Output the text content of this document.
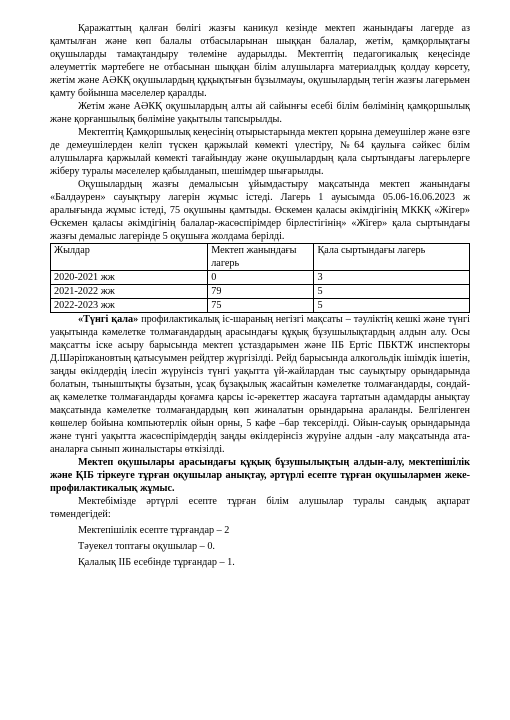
Қаражаттың қалған бөлігі жазғы каникул кезінде мектеп жанындағы лагерде аз қамтылған және көп балалы отбасыларынан шыққан балалар, жетім, қамқорлықтағы оқушыларды тамақтандыру төлеміне аударылды. Мектептің педагогикалық кеңесінде әлеуметтік мәртебеге не отбасынан шыққан білім алушыларға материалдық қолдау көрсету, жетім және АӘКҚ оқушылардың құқықтығын бұзылмауы, оқушылардың тегін жазғы лагерьмен қамту бойынша мәселелер қаралды.

Жетім және АӘКҚ оқушылардың алты ай сайынғы есебі білім бөлімінің қамқоршылық және қорғаншылық бөліміне уақытылы тапсырылды.

Мектептің Қамқоршылық кеңесінің отырыстарында мектеп қорына демеушілер және өзге де демеушілерден келіп түскен қаржылай көмекті үлестіру, №64 қаулыға сәйкес білім алушыларға қаржылай көмекті тағайындау және оқушылардың қала сыртындағы лагерьлерге жіберу туралы мәселелер қабылданып, шешімдер шығарылды.

Оқушылардың жазғы демалысын ұйымдастыру мақсатында мектеп жанындағы «Балдәурен» сауықтыру лагерін жұмыс істеді. Лагерь 1 ауысымда 05.06-16.06.2023 ж аралығында жұмыс істеді, 75 оқушыны қамтыды. Өскемен қаласы әкімдігінің МККҚ «Жігер» Өскемен қаласы әкімдігінің балалар-жасөспірімдер бірлестігінің» «Жігер» қала сыртындағы жазғы демалыс лагеріндe 5 оқушыға жолдама берілді.

Жылдар	Мектеп жанындағы лагерь	Қала сыртындағы лагерь
2020-2021 жж	0	3
2021-2022 жж	79	5
2022-2023 жж	75	5

«Түнгі қала» профилактикалық іс-шараның негізгі мақсаты – тәуліктің кешкі және түнгі уақытында кәмелетке толмағандардың арасындағы құқық бұзушылықтардың алдын алу. Осы мақсатты іске асыру барысында мектеп ұстаздарымен және ІІБ Ертіс ПБКТЖ инспекторы Д.Шәріпжановтың қатысуымен рейдтер жүргізілді. Рейд барысында алкогольдік ішімдік ішетін, заңды өкілдердің ілесіп жүруінсіз түнгі уақытта үй-жайлардан тыс сауықтыру орындарында болатын, тыныштықты бұзатын, ұсақ бұзақылық жасайтын кәмелетке толмағандарды, сондай-ақ кәмелетке толмағандарды қоғамға қарсы іс-әрекеттер жасауға тартатын адамдарды анықтау мақсатында кәмелетке толмағандардың көп жиналатын орындарына араланды. Белгіленген көшелер бойына компьютерлік ойын орны, 5 кафе –бар тексерілді. Ойын-сауық орындарында және түнгі уақытта жасөспірімдердің заңды өкілдерінсіз жүруіне алдын -алу мақсатында ата-аналарға сынып жиналыстары өткізілді.

Мектеп оқушылары арасындағы құқық бұзушылықтың алдын-алу, мектепішілік және ҚІБ тіркеуге тұрған оқушылар анықтау, әртүрлі есепте тұрған оқушылармен жеке-профилактикалық жұмыс.

Мектебімізде әртүрлі есепте тұрған білім алушылар туралы сандық ақпарат төмендегідей:

Мектепішілік есепте тұрғандар – 2

Тәуекел топтағы оқушылар – 0.

Қалалық ІІБ есебінде тұрғандар – 1.
